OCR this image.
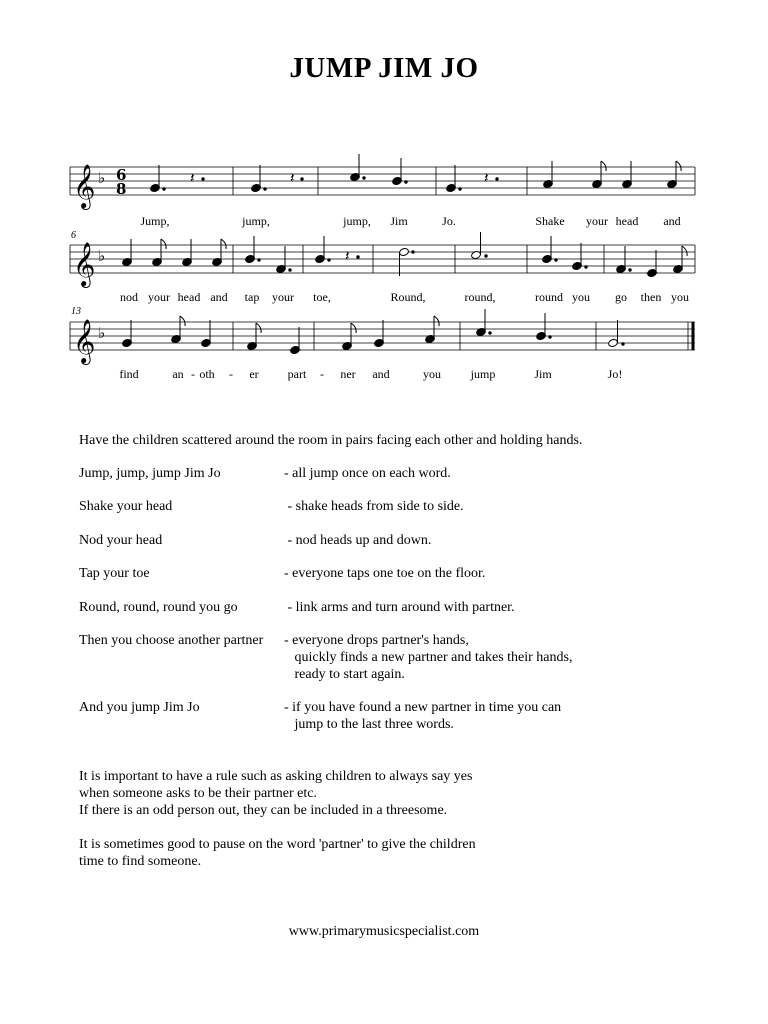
JUMP JIM JO
𝄞 ♭ 6
8
𝄽	𝄽	𝄽
Jump,	jump,	jump, Jim	Jo.	Shake your head and
6
𝄞 ♭	𝄽
nod your head and tap your toe,	Round,	round,	round you go then you
13
𝄞 ♭
find	an - oth - er part - ner and	you jump	Jim	Jo!
Have the children scattered around the room in pairs facing each other and holding hands.
Jump, jump, jump Jim Jo	- all jump once on each word.
Shake your head	- shake heads from side to side.
Nod your head	- nod heads up and down.
Tap your toe	- everyone taps one toe on the floor.
Round, round, round you go	- link arms and turn around with partner.
Then you choose another partner - everyone drops partner's hands,
quickly finds a new partner and takes their hands,
ready to start again.
And you jump Jim Jo	- if you have found a new partner in time you can
jump to the last three words.
It is important to have a rule such as asking children to always say yes
when someone asks to be their partner etc.
If there is an odd person out, they can be included in a threesome.
It is sometimes good to pause on the word 'partner' to give the children
time to find someone.
www.primarymusicspecialist.com
